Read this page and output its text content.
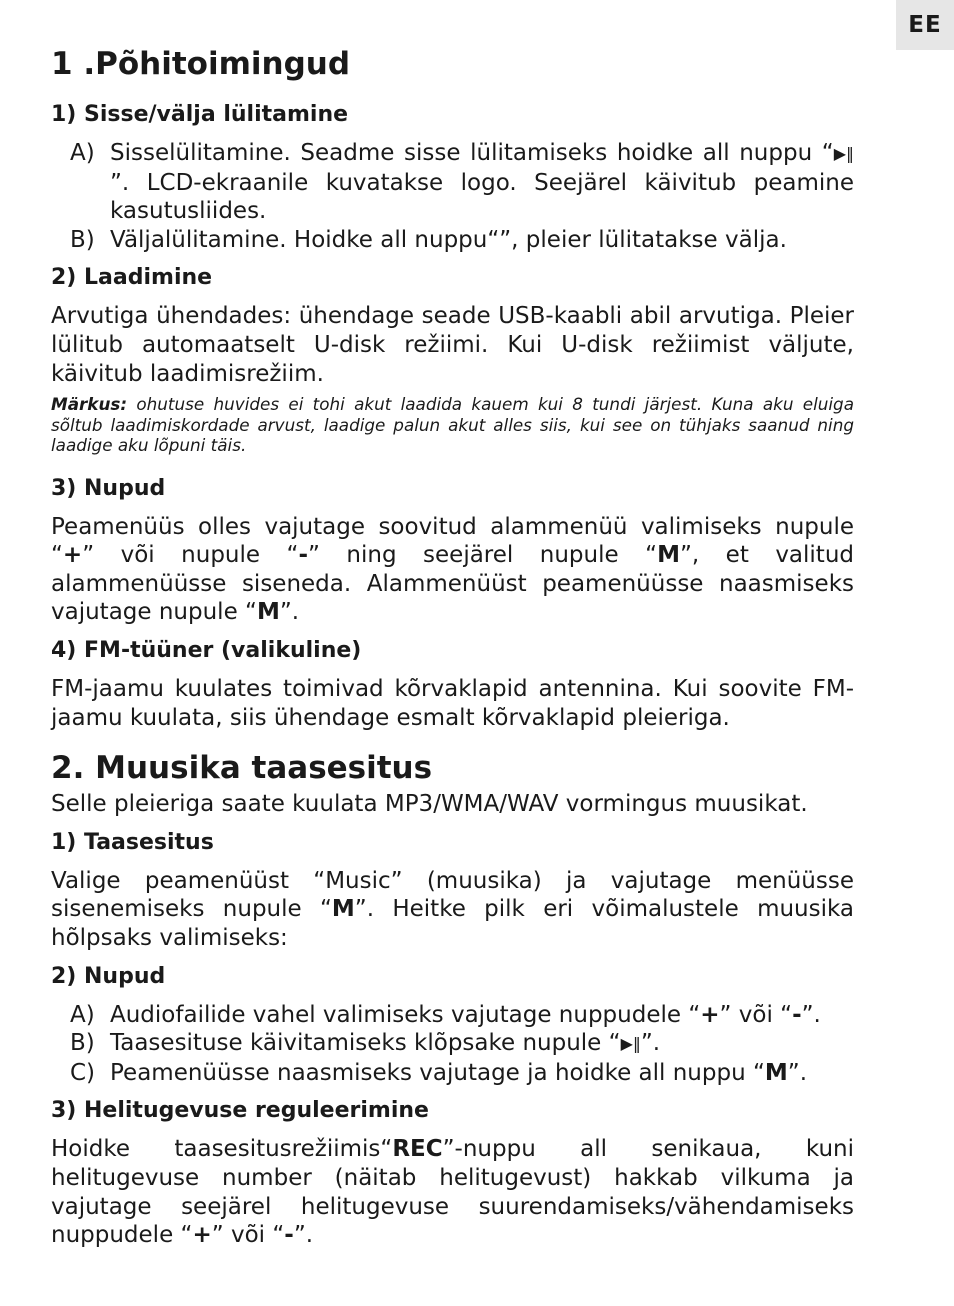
EE
1 .Põhitoimingud
1) Sisse/välja lülitamine
A) Sisselülitamine. Seadme sisse lülitamiseks hoidke all nuppu “▶‖”. LCD-ekraanile kuvatakse logo. Seejärel käivitub peamine kasutusliides.
B) Väljalülitamine. Hoidke all nuppu“”, pleier lülitatakse välja.
2) Laadimine

Arvutiga ühendades: ühendage seade USB-kaabli abil arvutiga. Pleier lülitub automaatselt U-disk režiimi. Kui U-disk režiimist väljute, käivitub laadimisrežiim.

Märkus: ohutuse huvides ei tohi akut laadida kauem kui 8 tundi järjest. Kuna aku eluiga sõltub laadimiskordade arvust, laadige palun akut alles siis, kui see on tühjaks saanud ning laadige aku lõpuni täis.

3) Nupud

Peamenüüs olles vajutage soovitud alammenüü valimiseks nupule “+” või nupule “-” ning seejärel nupule “M”, et valitud alammenüüsse siseneda. Alammenüüst peamenüüsse naasmiseks vajutage nupule “M”.

4) FM-tüüner (valikuline)

FM-jaamu kuulates toimivad kõrvaklapid antennina. Kui soovite FM-jaamu kuulata, siis ühendage esmalt kõrvaklapid pleieriga.

2. Muusika taasesitus

Selle pleieriga saate kuulata MP3/WMA/WAV vormingus muusikat.

1) Taasesitus

Valige peamenüüst “Music” (muusika) ja vajutage menüüsse sisenemiseks nupule “M”. Heitke pilk eri võimalustele muusika hõlpsaks valimiseks:

2) Nupud
A) Audiofailide vahel valimiseks vajutage nuppudele “+” või “-”.
B) Taasesituse käivitamiseks klõpsake nupule “▶‖”.
C) Peamenüüsse naasmiseks vajutage ja hoidke all nuppu “M”.
3) Helitugevuse reguleerimine

Hoidke taasesitusrežiimis“REC”-nuppu all senikaua, kuni helitugevuse number (näitab helitugevust) hakkab vilkuma ja vajutage seejärel helitugevuse suurendamiseks/vähendamiseks nuppudele “+” või “-”.
